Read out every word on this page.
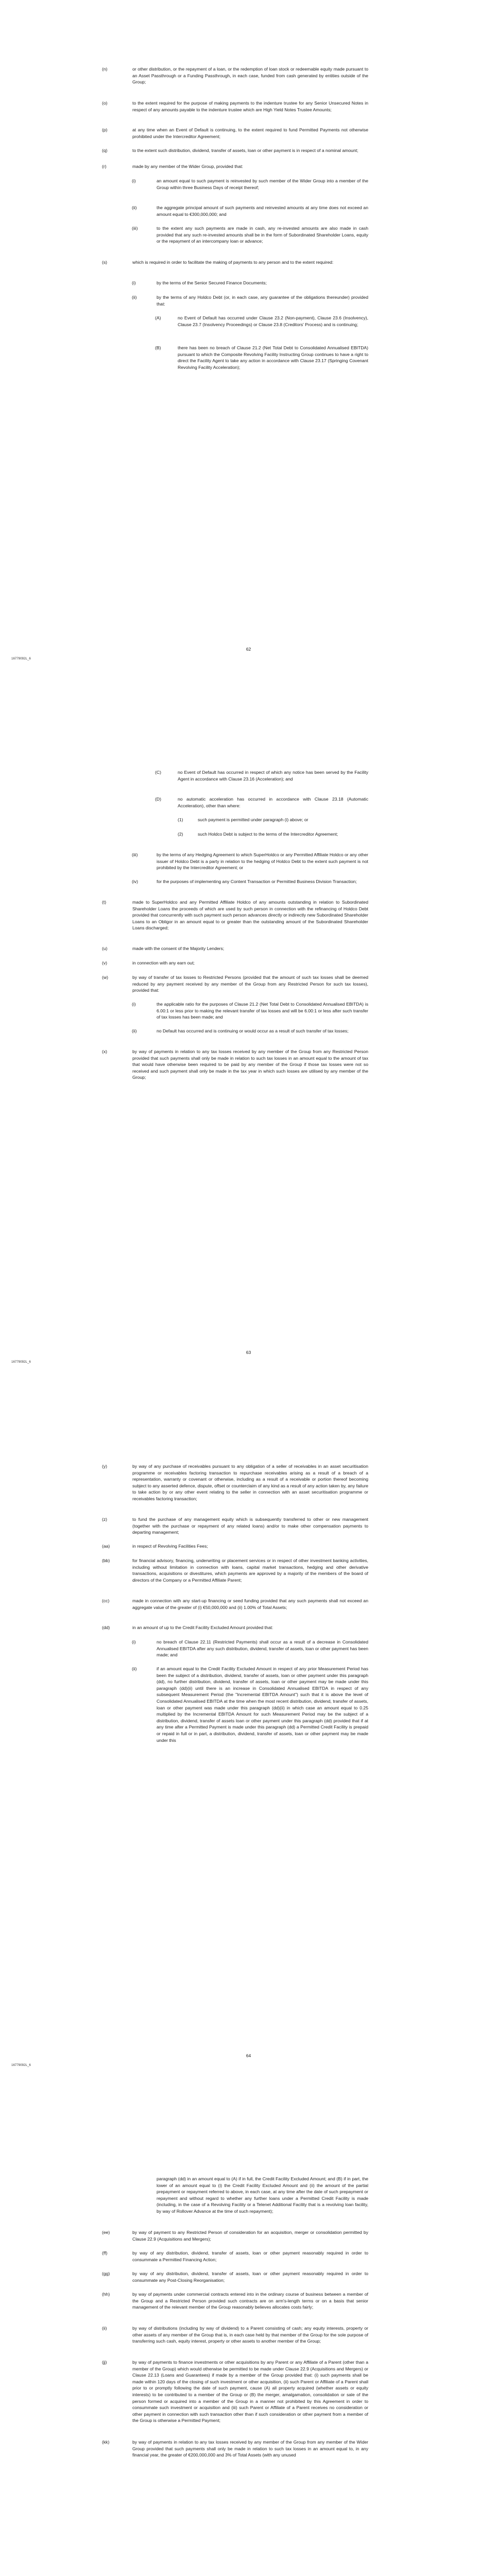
(n)	or other distribution, or the repayment of a loan, or the redemption of loan stock or redeemable equity made pursuant to an Asset Passthrough or a Funding Passthrough, in each case, funded from cash generated by entities outside of the Group;

(o)	to the extent required for the purpose of making payments to the indenture trustee for any Senior Unsecured Notes in respect of any amounts payable to the indenture trustee which are High Yield Notes Trustee Amounts;

(p)	at any time when an Event of Default is continuing, to the extent required to fund Permitted Payments not otherwise prohibited under the Intercreditor Agreement;

(q)	to the extent such distribution, dividend, transfer of assets, loan or other payment is in respect of a nominal amount;

(r)	made by any member of the Wider Group, provided that:

(i)	an amount equal to such payment is reinvested by such member of the Wider Group into a member of the Group within three Business Days of receipt thereof;

(ii)	the aggregate principal amount of such payments and reinvested amounts at any time does not exceed an amount equal to €300,000,000; and

(iii)	to the extent any such payments are made in cash, any re-invested amounts are also made in cash provided that any such re-invested amounts shall be in the form of Subordinated Shareholder Loans, equity or the repayment of an intercompany loan or advance;

(s)	which is required in order to facilitate the making of payments to any person and to the extent required:

(i)	by the terms of the Senior Secured Finance Documents;

(ii)	by the terms of any Holdco Debt (or, in each case, any guarantee of the obligations thereunder) provided that:

(A)	no Event of Default has occurred under Clause 23.2 (Non-payment), Clause 23.6 (Insolvency), Clause 23.7 (Insolvency Proceedings) or Clause 23.8 (Creditors' Process) and is continuing;

(B)	there has been no breach of Clause 21.2 (Net Total Debt to Consolidated Annualised EBITDA) pursuant to which the Composite Revolving Facility Instructing Group continues to have a right to direct the Facility Agent to take any action in accordance with Clause 23.17 (Springing Covenant Revolving Facility Acceleration);

62
16779092L_6

(C)	no Event of Default has occurred in respect of which any notice has been served by the Facility Agent in accordance with Clause 23.16 (Acceleration); and

(D)	no automatic acceleration has occurred in accordance with Clause 23.18 (Automatic Acceleration), other than where:

(1)	such payment is permitted under paragraph (i) above; or

(2)	such Holdco Debt is subject to the terms of the Intercreditor Agreement;

(iii)	by the terms of any Hedging Agreement to which SuperHoldco or any Permitted Affiliate Holdco or any other issuer of Holdco Debt is a party in relation to the hedging of Holdco Debt to the extent such payment is not prohibited by the Intercreditor Agreement; or

(iv)	for the purposes of implementing any Content Transaction or Permitted Business Division Transaction;

(t)	made to SuperHoldco and any Permitted Affiliate Holdco of any amounts outstanding in relation to Subordinated Shareholder Loans the proceeds of which are used by such person in connection with the refinancing of Holdco Debt provided that concurrently with such payment such person advances directly or indirectly new Subordinated Shareholder Loans to an Obligor in an amount equal to or greater than the outstanding amount of the Subordinated Shareholder Loans discharged;

(u)	made with the consent of the Majority Lenders;

(v)	in connection with any earn out;

(w)	by way of transfer of tax losses to Restricted Persons (provided that the amount of such tax losses shall be deemed reduced by any payment received by any member of the Group from any Restricted Person for such tax losses), provided that:

(i)	the applicable ratio for the purposes of Clause 21.2 (Net Total Debt to Consolidated Annualised EBITDA) is 6.00:1 or less prior to making the relevant transfer of tax losses and will be 6.00:1 or less after such transfer of tax losses has been made; and

(ii)	no Default has occurred and is continuing or would occur as a result of such transfer of tax losses;

(x)	by way of payments in relation to any tax losses received by any member of the Group from any Restricted Person provided that such payments shall only be made in relation to such tax losses in an amount equal to the amount of tax that would have otherwise been required to be paid by any member of the Group if those tax losses were not so received and such payment shall only be made in the tax year in which such losses are utilised by any member of the Group;

63
16779092L_6

(y)	by way of any purchase of receivables pursuant to any obligation of a seller of receivables in an asset securitisation programme or receivables factoring transaction to repurchase receivables arising as a result of a breach of a representation, warranty or covenant or otherwise, including as a result of a receivable or portion thereof becoming subject to any asserted defence, dispute, offset or counterclaim of any kind as a result of any action taken by, any failure to take action by or any other event relating to the seller in connection with an asset securitisation programme or receivables factoring transaction;

(z)	to fund the purchase of any management equity which is subsequently transferred to other or new management (together with the purchase or repayment of any related loans) and/or to make other compensation payments to departing management;

(aa)	in respect of Revolving Facilities Fees;

(bb)	for financial advisory, financing, underwriting or placement services or in respect of other investment banking activities, including without limitation in connection with loans, capital market transactions, hedging and other derivative transactions, acquisitions or divestitures, which payments are approved by a majority of the members of the board of directors of the Company or a Permitted Affiliate Parent;

(cc)	made in connection with any start-up financing or seed funding provided that any such payments shall not exceed an aggregate value of the greater of (i) €50,000,000 and (ii) 1.00% of Total Assets;

(dd)	in an amount of up to the Credit Facility Excluded Amount provided that:

(i)	no breach of Clause 22.11 (Restricted Payments) shall occur as a result of a decrease in Consolidated Annualised EBITDA after any such distribution, dividend, transfer of assets, loan or other payment has been made; and

(ii)	if an amount equal to the Credit Facility Excluded Amount in respect of any prior Measurement Period has been the subject of a distribution, dividend, transfer of assets, loan or other payment under this paragraph (dd), no further distribution, dividend, transfer of assets, loan or other payment may be made under this paragraph (dd)(ii) until there is an increase in Consolidated Annualised EBITDA in respect of any subsequent Measurement Period (the "Incremental EBITDA Amount") such that it is above the level of Consolidated Annualised EBITDA at the time when the most recent distribution, dividend, transfer of assets, loan or other payment was made under this paragraph (dd)(ii) in which case an amount equal to 0.25 multiplied by the Incremental EBITDA Amount for such Measurement Period may be the subject of a distribution, dividend, transfer of assets loan or other payment under this paragraph (dd) provided that if at any time after a Permitted Payment is made under this paragraph (dd) a Permitted Credit Facility is prepaid or repaid in full or in part, a distribution, dividend, transfer of assets, loan or other payment may be made under this

64
16779092L_6

paragraph (dd) in an amount equal to (A) if in full, the Credit Facility Excluded Amount; and (B) if in part, the lower of an amount equal to (i) the Credit Facility Excluded Amount and (ii) the amount of the partial prepayment or repayment referred to above, in each case, at any time after the date of such prepayment or repayment and without regard to whether any further loans under a Permitted Credit Facility is made (including, in the case of a Revolving Facility or a Telenet Additional Facility that is a revolving loan facility, by way of Rollover Advance at the time of such repayment);

(ee)	by way of payment to any Restricted Person of consideration for an acquisition, merger or consolidation permitted by Clause 22.9 (Acquisitions and Mergers);

(ff)	by way of any distribution, dividend, transfer of assets, loan or other payment reasonably required in order to consummate a Permitted Financing Action;

(gg)	by way of any distribution, dividend, transfer of assets, loan or other payment reasonably required in order to consummate any Post-Closing Reorganisation;

(hh)	by way of payments under commercial contracts entered into in the ordinary course of business between a member of the Group and a Restricted Person provided such contracts are on arm's-length terms or on a basis that senior management of the relevant member of the Group reasonably believes allocates costs fairly;

(ii)	by way of distributions (including by way of dividend) to a Parent consisting of cash; any equity interests, property or other assets of any member of the Group that is, in each case held by that member of the Group for the sole purpose of transferring such cash, equity interest, property or other assets to another member of the Group;

(jj)	by way of payments to finance investments or other acquisitions by any Parent or any Affiliate of a Parent (other than a member of the Group) which would otherwise be permitted to be made under Clause 22.9 (Acquisitions and Mergers) or Clause 22.13 (Loans and Guarantees) if made by a member of the Group provided that: (i) such payments shall be made within 120 days of the closing of such investment or other acquisition, (ii) such Parent or Affiliate of a Parent shall prior to or promptly following the date of such payment, cause (A) all property acquired (whether assets or equity interests) to be contributed to a member of the Group or (B) the merger, amalgamation, consolidation or sale of the person formed or acquired into a member of the Group in a manner not prohibited by this Agreement in order to consummate such investment or acquisition and (iii) such Parent or Affiliate of a Parent receives no consideration or other payment in connection with such transaction other than if such consideration or other payment from a member of the Group is otherwise a Permitted Payment;

(kk)	by way of payments in relation to any tax losses received by any member of the Group from any member of the Wider Group provided that such payments shall only be made in relation to such tax losses in an amount equal to, in any financial year, the greater of €200,000,000 and 3% of Total Assets (with any unused
